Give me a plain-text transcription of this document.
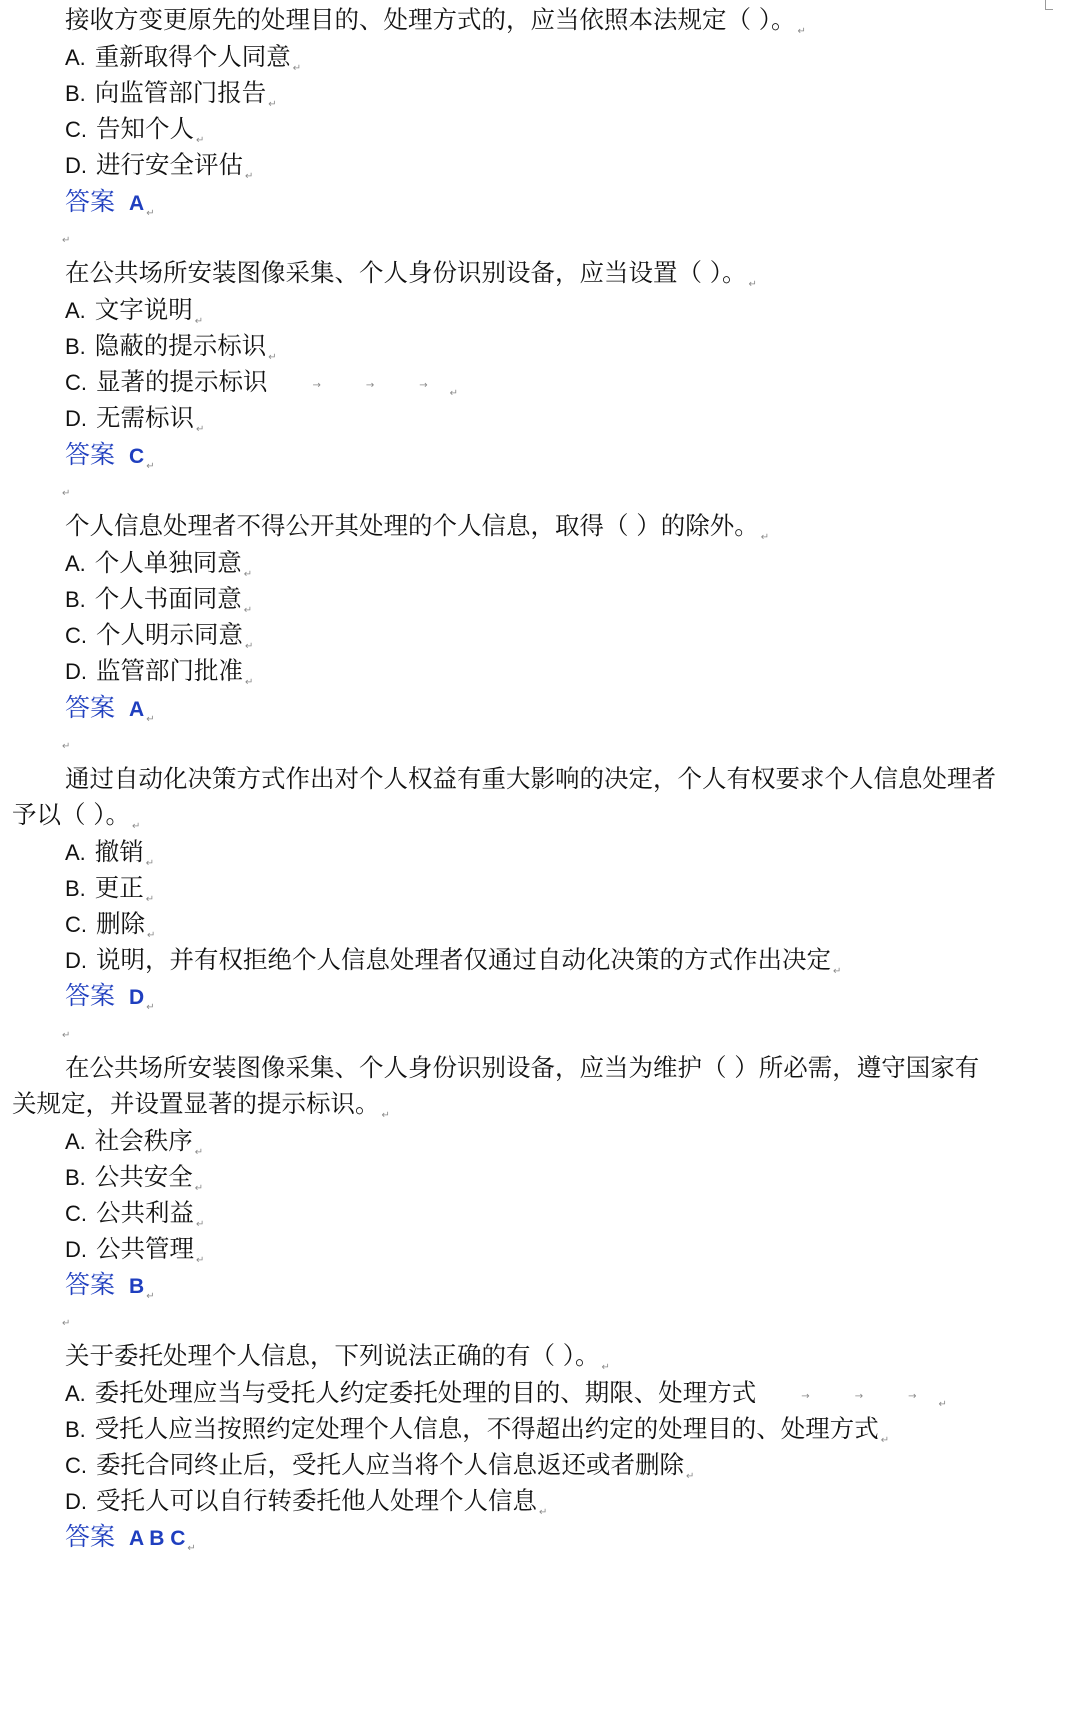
接收方变更原先的处理目的、处理方式的，应当依照本法规定（ ）。 $_↵$
A. 重新取得个人同意 $_↵$
B. 向监管部门报告 $_↵$
C. 告知个人 $_↵$
D. 进行安全评估 $_↵$
答案 A $_↵$
↵
在公共场所安装图像采集、个人身份识别设备，应当设置（ ）。 $_↵$
A. 文字说明 $_↵$
B. 隐蔽的提示标识 $_↵$
C. 显著的提示标识	→	→	$\to_↵$
D. 无需标识 $_↵$
答案 C $_↵$
↵
个人信息处理者不得公开其处理的个人信息，取得（ ）的除外。 $_↵$
A. 个人单独同意 $_↵$
B. 个人书面同意 $_↵$
C. 个人明示同意 $_↵$
D. 监管部门批准 $_↵$
答案 A $_↵$
↵
通过自动化决策方式作出对个人权益有重大影响的决定，个人有权要求个人信息处理者
予以（ ）。 $_↵$
A. 撤销 $_↵$
B. 更正 $_↵$
C. 删除 $_↵$
D. 说明，并有权拒绝个人信息处理者仅通过自动化决策的方式作出决定 $_↵$
答案 D $_↵$
↵
在公共场所安装图像采集、个人身份识别设备，应当为维护（ ）所必需，遵守国家有
关规定，并设置显著的提示标识。 $_↵$
A. 社会秩序 $_↵$
B. 公共安全 $_↵$
C. 公共利益 $_↵$
D. 公共管理 $_↵$
答案 B $_↵$
↵
关于委托处理个人信息，下列说法正确的有（ ）。 $_↵$
A. 委托处理应当与受托人约定委托处理的目的、期限、处理方式	→	→	$\to_↵$
B. 受托人应当按照约定处理个人信息，不得超出约定的处理目的、处理方式 $_↵$
C. 委托合同终止后，受托人应当将个人信息返还或者删除 $_↵$
D. 受托人可以自行转委托他人处理个人信息 $_↵$
答案 A B C $_↵$
